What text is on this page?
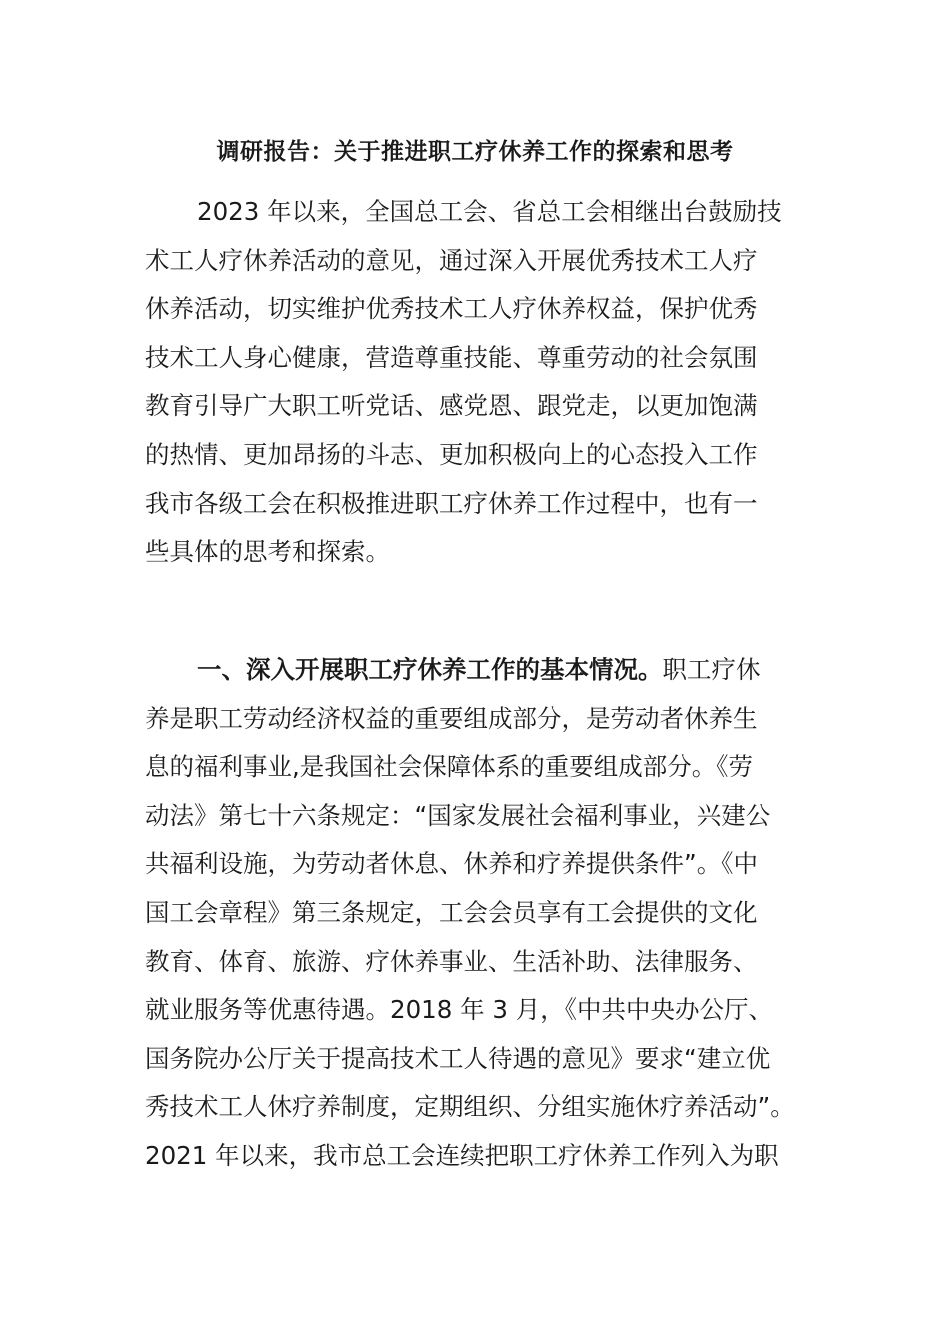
调研报告：关于推进职工疗休养工作的探索和思考
2023 年以来，全国总工会、省总工会相继出台鼓励技
术工人疗休养活动的意见，通过深入开展优秀技术工人疗
休养活动，切实维护优秀技术工人疗休养权益，保护优秀
技术工人身心健康，营造尊重技能、尊重劳动的社会氛围
教育引导广大职工听党话、感党恩、跟党走，以更加饱满
的热情、更加昂扬的斗志、更加积极向上的心态投入工作
我市各级工会在积极推进职工疗休养工作过程中，也有一
些具体的思考和探索。
一、深入开展职工疗休养工作的基本情况。职工疗休
养是职工劳动经济权益的重要组成部分，是劳动者休养生
息的福利事业,是我国社会保障体系的重要组成部分。《劳
动法》第七十六条规定：“国家发展社会福利事业，兴建公
共福利设施，为劳动者休息、休养和疗养提供条件”。《中
国工会章程》第三条规定，工会会员享有工会提供的文化
教育、体育、旅游、疗休养事业、生活补助、法律服务、
就业服务等优惠待遇。2018 年 3 月，《中共中央办公厅、
国务院办公厅关于提高技术工人待遇的意见》要求“建立优
秀技术工人休疗养制度，定期组织、分组实施休疗养活动”。
2021 年以来，我市总工会连续把职工疗休养工作列入为职
